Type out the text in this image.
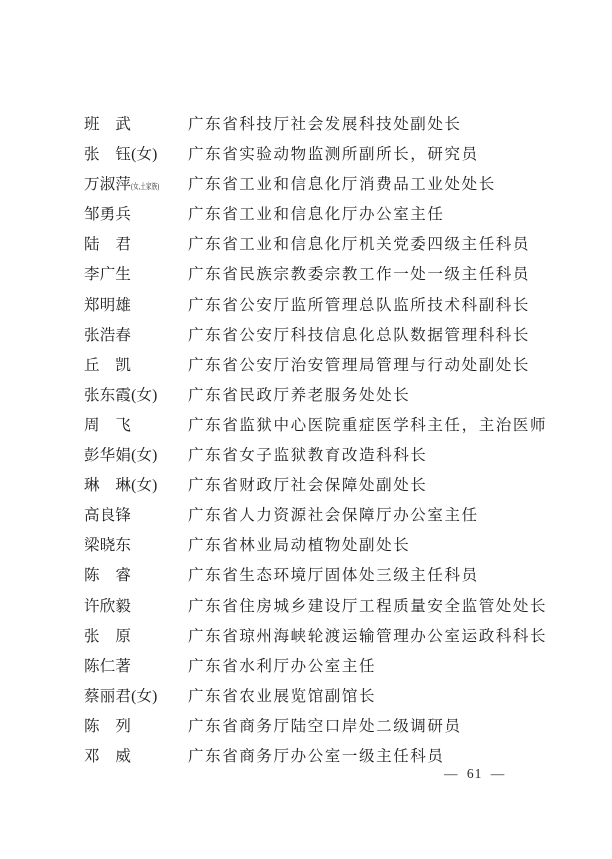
班　武	广东省科技厅社会发展科技处副处长
张　钰(女)	广东省实验动物监测所副所长，研究员
万淑萍(女,土家族)	广东省工业和信息化厅消费品工业处处长
邹勇兵	广东省工业和信息化厅办公室主任
陆　君	广东省工业和信息化厅机关党委四级主任科员
李广生	广东省民族宗教委宗教工作一处一级主任科员
郑明雄	广东省公安厅监所管理总队监所技术科副科长
张浩春	广东省公安厅科技信息化总队数据管理科科长
丘　凯	广东省公安厅治安管理局管理与行动处副处长
张东霞(女)	广东省民政厅养老服务处处长
周　飞	广东省监狱中心医院重症医学科主任，主治医师
彭华娟(女)	广东省女子监狱教育改造科科长
琳　琳(女)	广东省财政厅社会保障处副处长
高良锋	广东省人力资源社会保障厅办公室主任
梁晓东	广东省林业局动植物处副处长
陈　睿	广东省生态环境厅固体处三级主任科员
许欣毅	广东省住房城乡建设厅工程质量安全监管处处长
张　原	广东省琼州海峡轮渡运输管理办公室运政科科长
陈仁著	广东省水利厅办公室主任
蔡丽君(女)	广东省农业展览馆副馆长
陈　列	广东省商务厅陆空口岸处二级调研员
邓　威	广东省商务厅办公室一级主任科员
— 61 —
